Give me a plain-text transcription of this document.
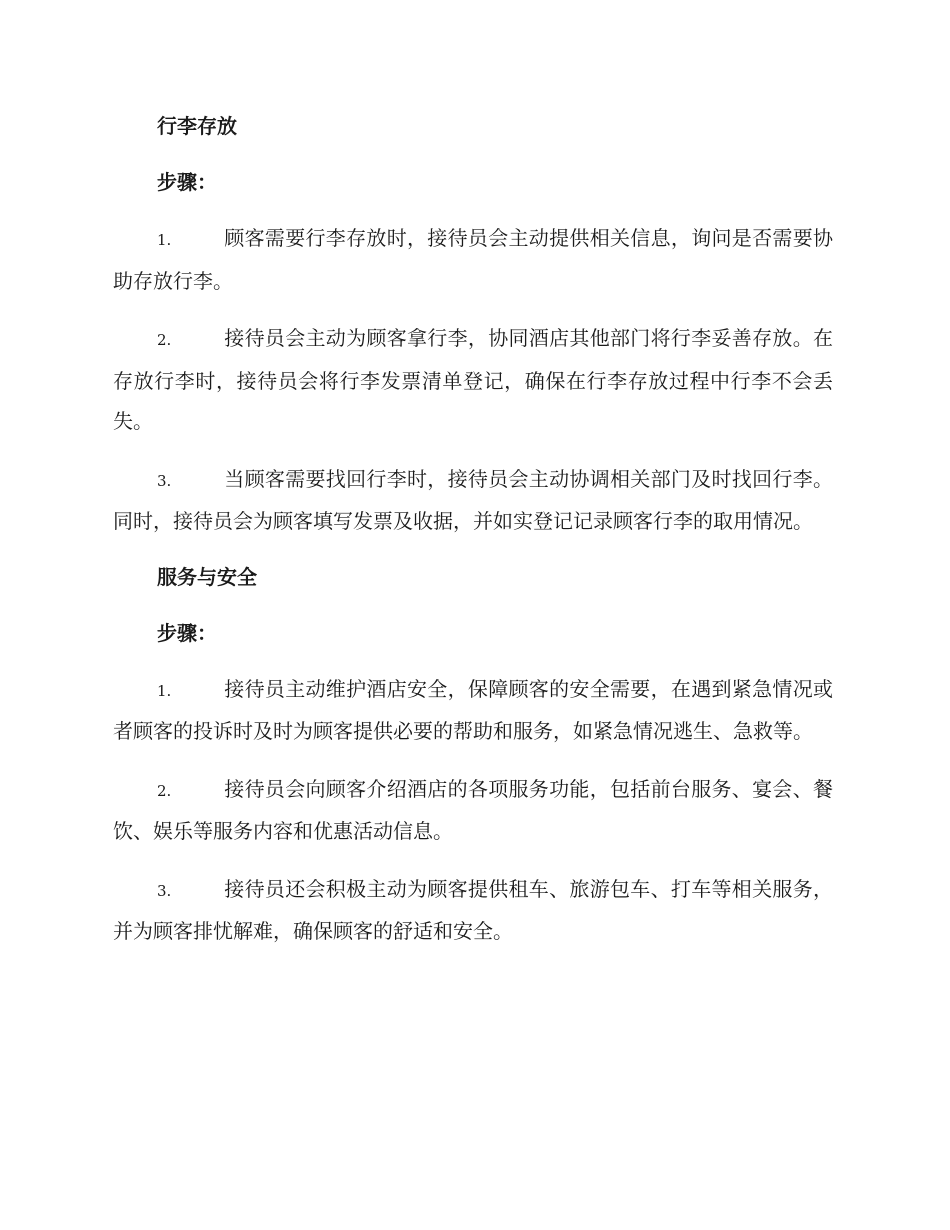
行李存放
步骤：

1.	顾客需要行李存放时，接待员会主动提供相关信息，询问是否需要协助存放行李。

2.	接待员会主动为顾客拿行李，协同酒店其他部门将行李妥善存放。在存放行李时，接待员会将行李发票清单登记，确保在行李存放过程中行李不会丢失。

3.	当顾客需要找回行李时，接待员会主动协调相关部门及时找回行李。同时，接待员会为顾客填写发票及收据，并如实登记记录顾客行李的取用情况。

服务与安全
步骤：

1.	接待员主动维护酒店安全，保障顾客的安全需要，在遇到紧急情况或者顾客的投诉时及时为顾客提供必要的帮助和服务，如紧急情况逃生、急救等。

2.	接待员会向顾客介绍酒店的各项服务功能，包括前台服务、宴会、餐饮、娱乐等服务内容和优惠活动信息。

3.	接待员还会积极主动为顾客提供租车、旅游包车、打车等相关服务，并为顾客排忧解难，确保顾客的舒适和安全。
